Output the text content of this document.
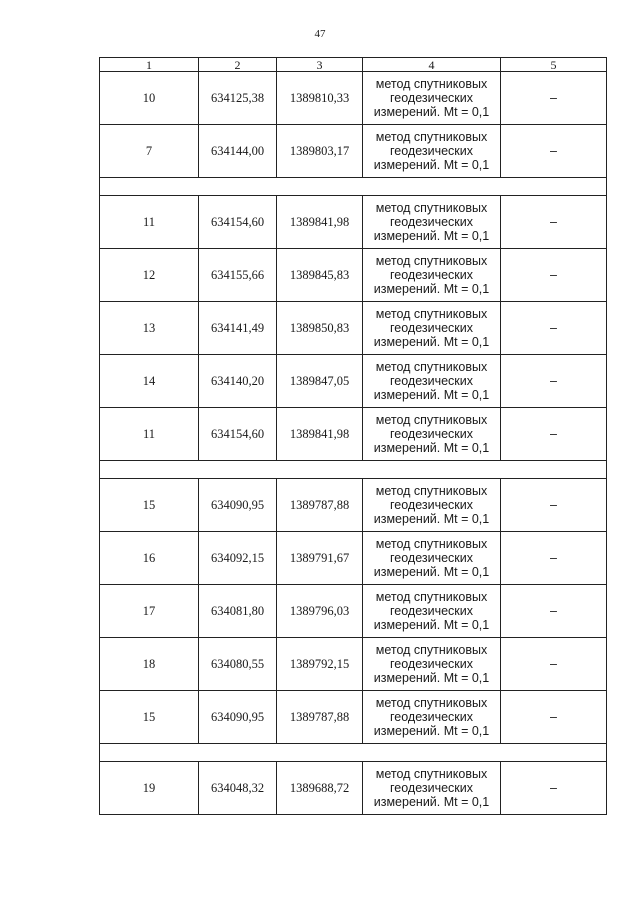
47
1	2	3	4	5
10	634125,38	1389810,33	метод спутниковых
геодезических
измерений. Mt = 0,1	–
7	634144,00	1389803,17	метод спутниковых
геодезических
измерений. Mt = 0,1	–

11	634154,60	1389841,98	метод спутниковых
геодезических
измерений. Mt = 0,1	–
12	634155,66	1389845,83	метод спутниковых
геодезических
измерений. Mt = 0,1	–
13	634141,49	1389850,83	метод спутниковых
геодезических
измерений. Mt = 0,1	–
14	634140,20	1389847,05	метод спутниковых
геодезических
измерений. Mt = 0,1	–
11	634154,60	1389841,98	метод спутниковых
геодезических
измерений. Mt = 0,1	–

15	634090,95	1389787,88	метод спутниковых
геодезических
измерений. Mt = 0,1	–
16	634092,15	1389791,67	метод спутниковых
геодезических
измерений. Mt = 0,1	–
17	634081,80	1389796,03	метод спутниковых
геодезических
измерений. Mt = 0,1	–
18	634080,55	1389792,15	метод спутниковых
геодезических
измерений. Mt = 0,1	–
15	634090,95	1389787,88	метод спутниковых
геодезических
измерений. Mt = 0,1	–

19	634048,32	1389688,72	метод спутниковых
геодезических
измерений. Mt = 0,1	–
